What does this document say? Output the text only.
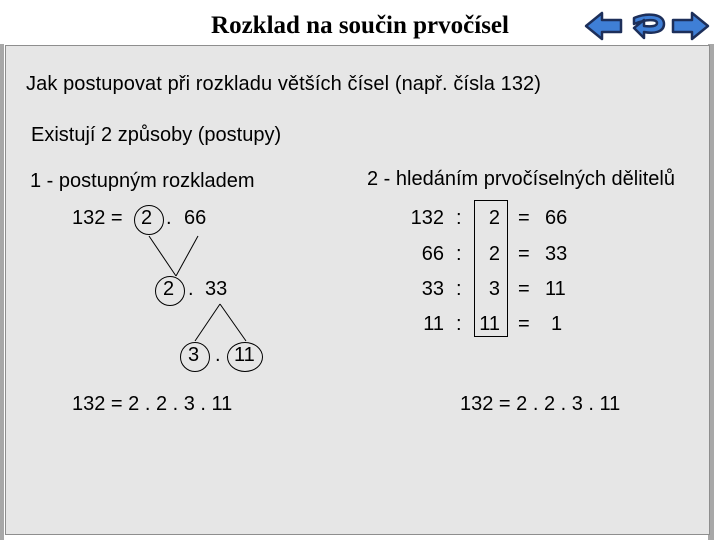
Rozklad na součin prvočísel
Jak postupovat při rozkladu větších čísel (např. čísla 132)
Existují 2 způsoby (postupy)
1 - postupným rozkladem	2 - hledáním prvočíselných dělitelů
132 = 2 . 66
2 . 33
3 . 11
132 = 2 . 2 . 3 . 11
132 :	2 = 66
66 :	2 = 33
33 :	3 = 11
11 : 11 = 1
132 = 2 . 2 . 3 . 11
